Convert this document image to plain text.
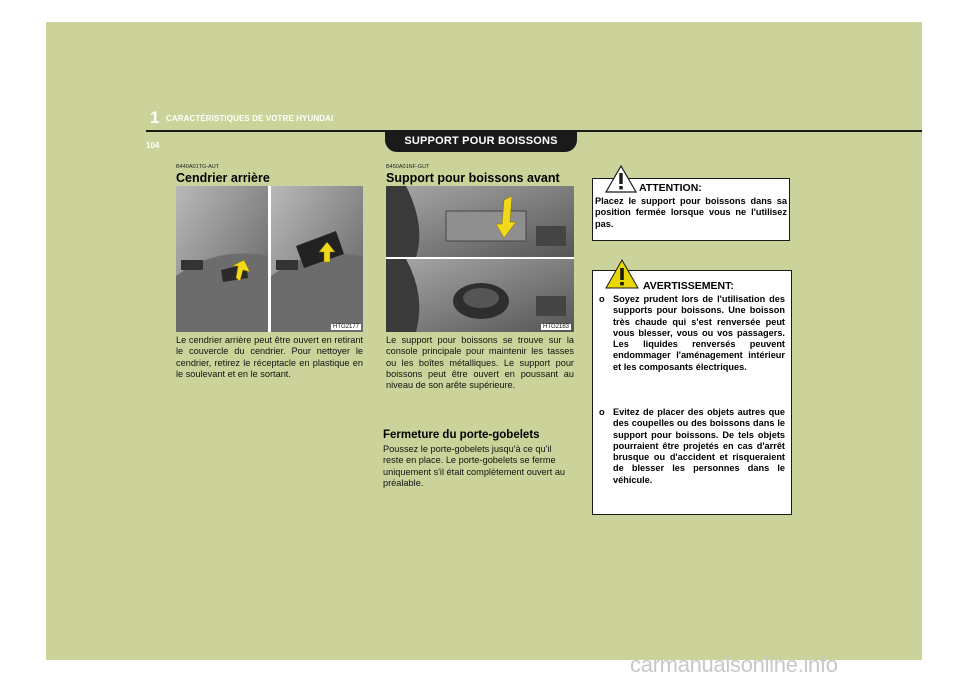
1 CARACTÉRISTIQUES DE VOTRE HYUNDAI
104	SUPPORT POUR BOISSONS
B440A01TG-AUT
Cendrier arrière
HTG2177
Le cendrier arrière peut être ouvert en retirant le couvercle du cendrier. Pour nettoyer le cendrier, retirez le réceptacle en plastique en le soulevant et en le sortant.
B450A01NF-GUT
Support pour boissons avant
HTG2183
Le support pour boissons se trouve sur la console principale pour maintenir les tasses ou les boîtes métalliques. Le support pour boissons peut être ouvert en poussant au niveau de son arête supérieure.
Fermeture du porte-gobelets
Poussez le porte-gobelets jusqu'à ce qu'il reste en place. Le porte-gobelets se ferme uniquement s'il était complètement ouvert au préalable.
ATTENTION:
Placez le support pour boissons dans sa position fermée lorsque vous ne l'utilisez pas.
AVERTISSEMENT:
o Soyez prudent lors de l'utilisation des supports pour boissons. Une boisson très chaude qui s'est renversée peut vous blesser, vous ou vos passagers. Les liquides renversés peuvent endommager l'aménagement intérieur et les composants électriques.
o Evitez de placer des objets autres que des coupelles ou des boissons dans le support pour boissons. De tels objets pourraient être projetés en cas d'arrêt brusque ou d'accident et risqueraient de blesser les personnes dans le véhicule.
carmanualsonline.info
